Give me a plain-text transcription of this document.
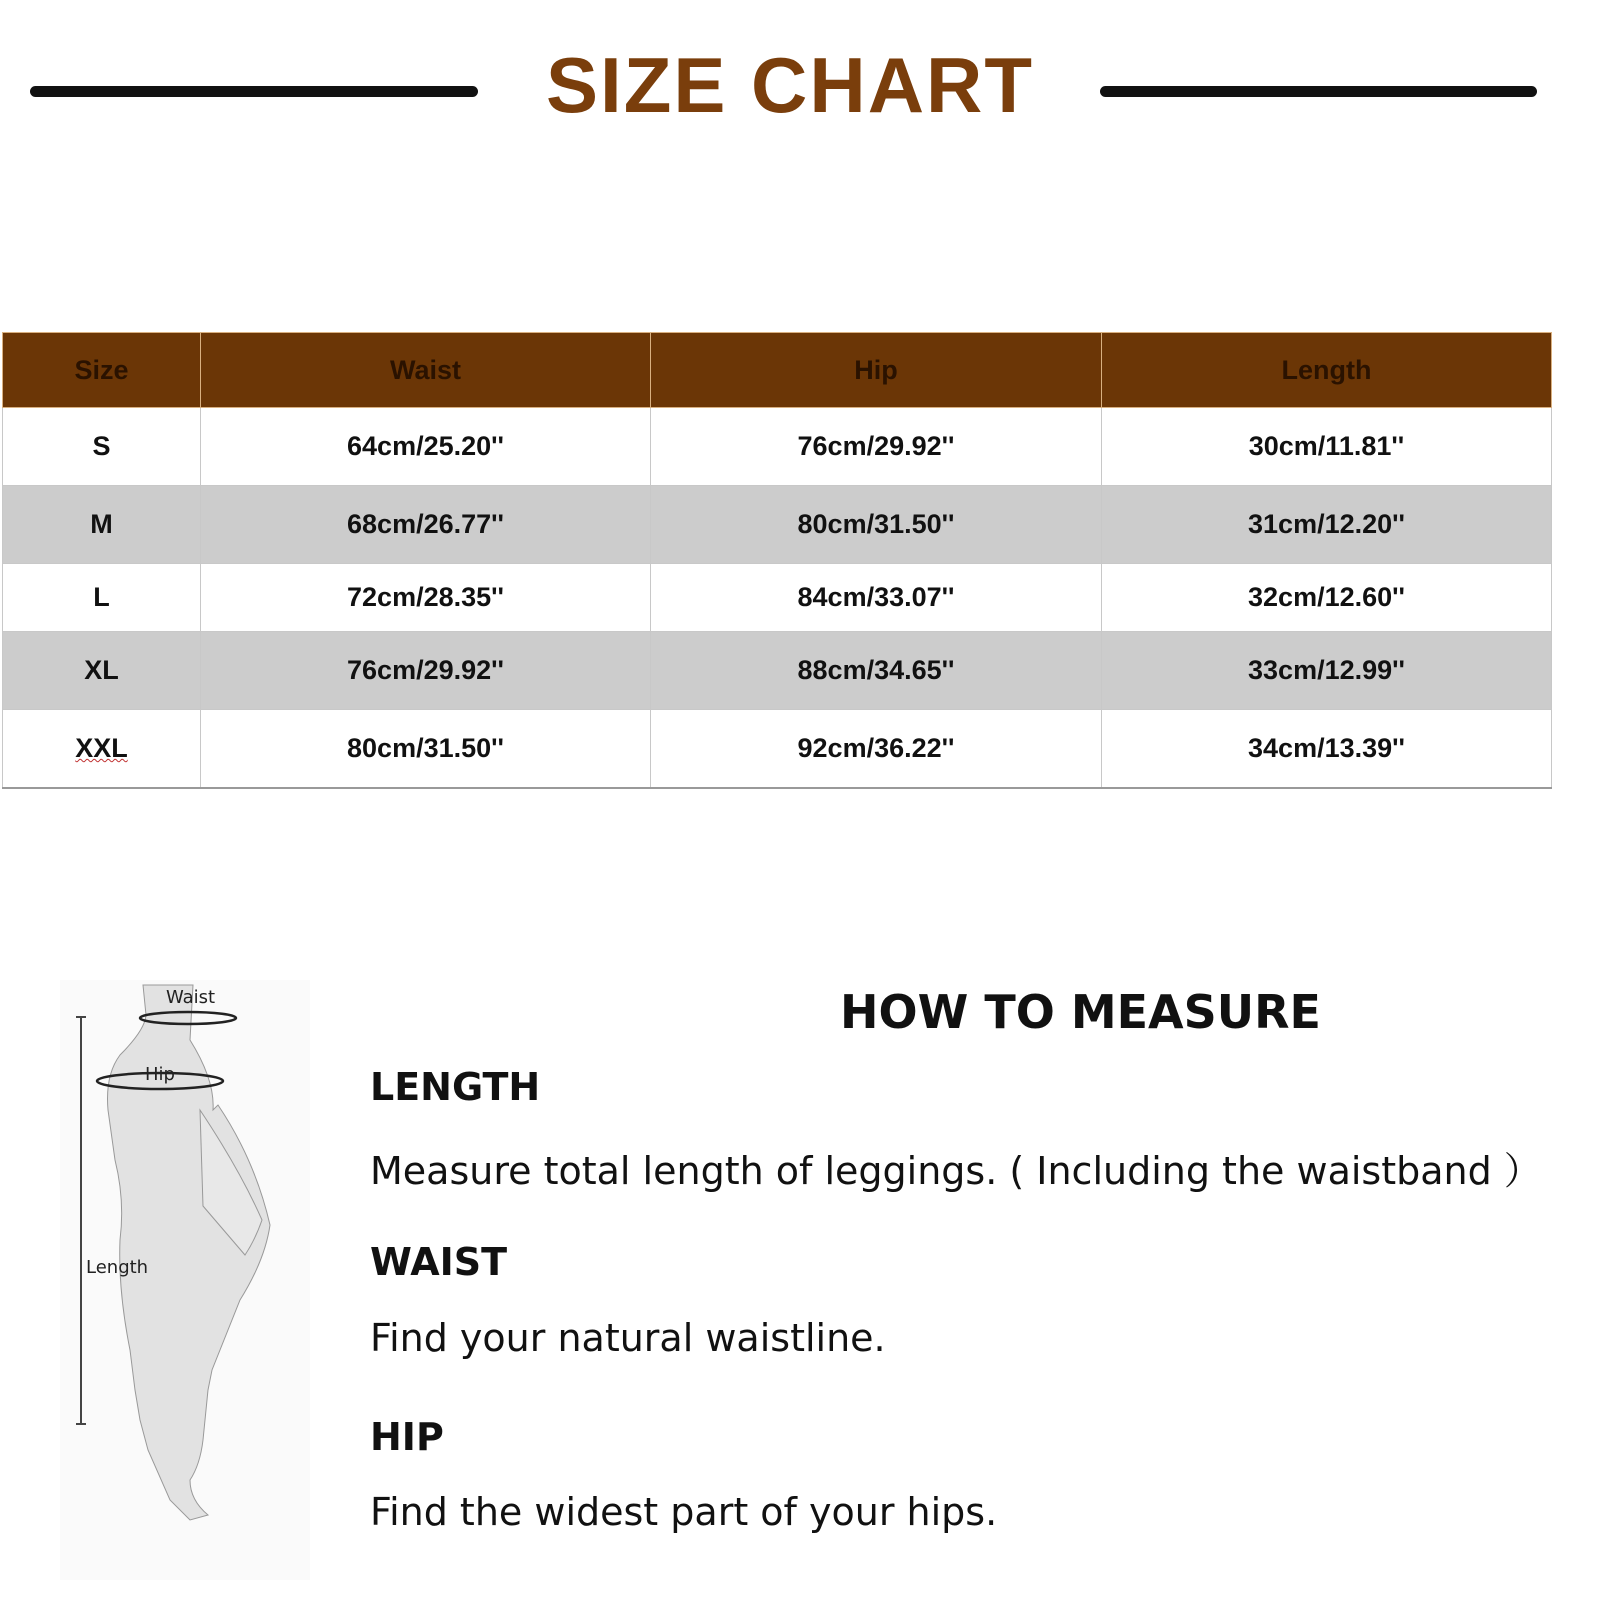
SIZE CHART
Size	Waist	Hip	Length
S	64cm/25.20''	76cm/29.92''	30cm/11.81''
M	68cm/26.77''	80cm/31.50''	31cm/12.20''
L	72cm/28.35''	84cm/33.07''	32cm/12.60''
XL	76cm/29.92''	88cm/34.65''	33cm/12.99''
XXL	80cm/31.50''	92cm/36.22''	34cm/13.39''
Waist
Hip
Length
HOW TO MEASURE
LENGTH
Measure total length of leggings. ( Including the waistband ）
WAIST
Find your natural waistline.
HIP
Find the widest part of your hips.
